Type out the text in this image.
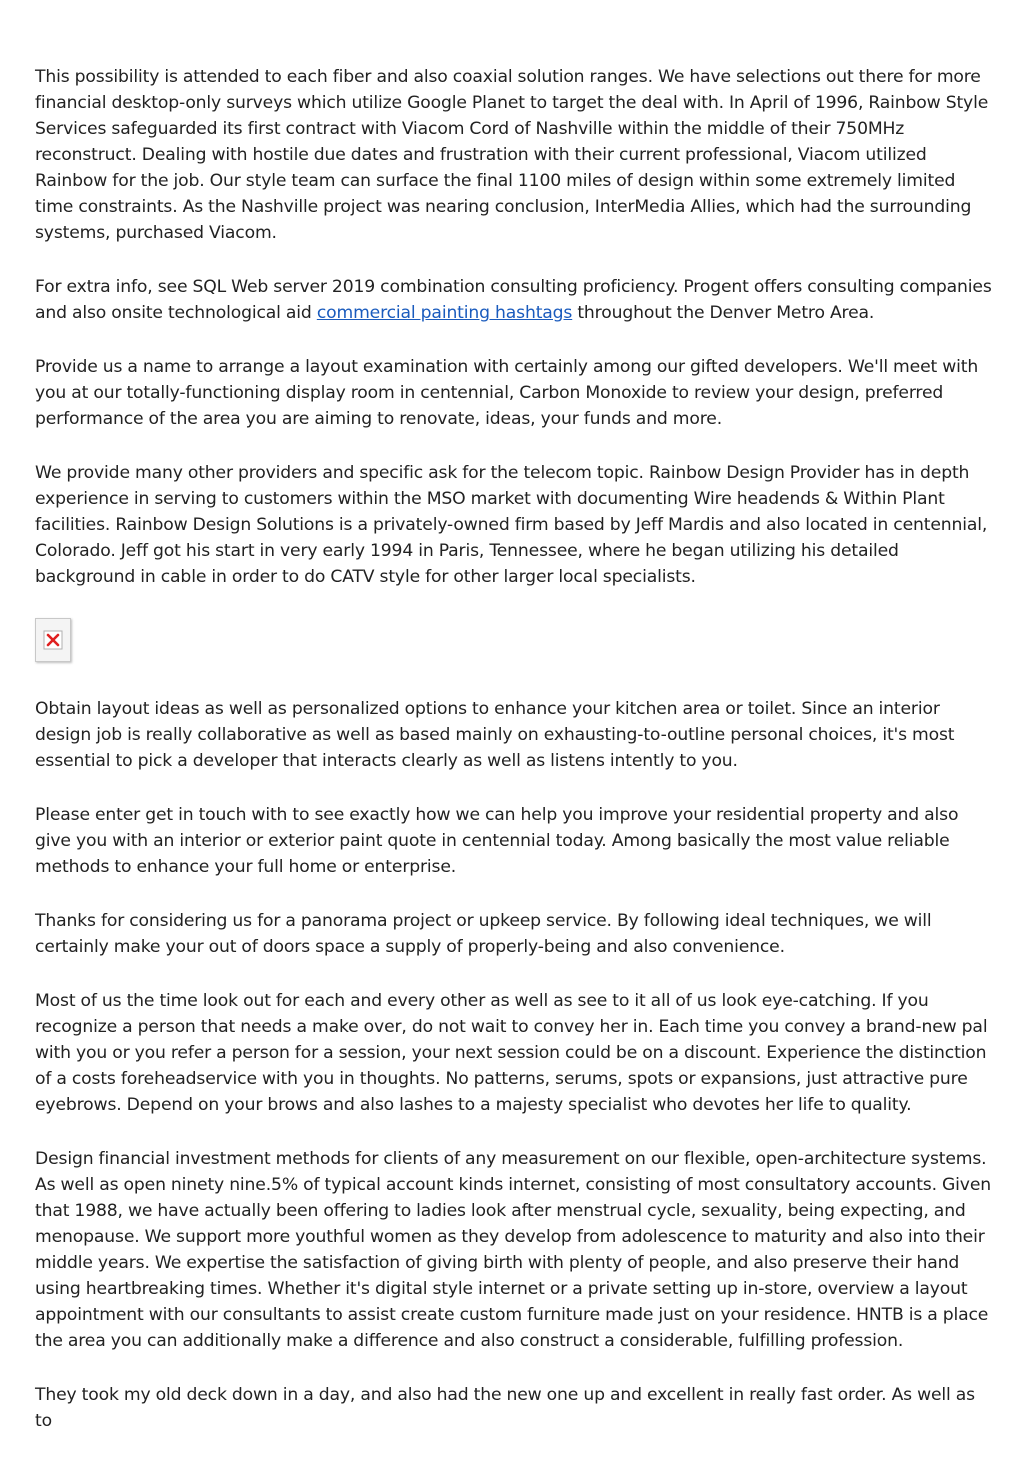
This possibility is attended to each fiber and also coaxial solution ranges. We have selections out there for more financial desktop-only surveys which utilize Google Planet to target the deal with. In April of 1996, Rainbow Style Services safeguarded its first contract with Viacom Cord of Nashville within the middle of their 750MHz reconstruct. Dealing with hostile due dates and frustration with their current professional, Viacom utilized Rainbow for the job. Our style team can surface the final 1100 miles of design within some extremely limited time constraints. As the Nashville project was nearing conclusion, InterMedia Allies, which had the surrounding systems, purchased Viacom.

For extra info, see SQL Web server 2019 combination consulting proficiency. Progent offers consulting companies and also onsite technological aid commercial painting hashtags throughout the Denver Metro Area.

Provide us a name to arrange a layout examination with certainly among our gifted developers. We'll meet with you at our totally-functioning display room in centennial, Carbon Monoxide to review your design, preferred performance of the area you are aiming to renovate, ideas, your funds and more.

We provide many other providers and specific ask for the telecom topic. Rainbow Design Provider has in depth experience in serving to customers within the MSO market with documenting Wire headends & Within Plant facilities. Rainbow Design Solutions is a privately-owned firm based by Jeff Mardis and also located in centennial, Colorado. Jeff got his start in very early 1994 in Paris, Tennessee, where he began utilizing his detailed background in cable in order to do CATV style for other larger local specialists.

Obtain layout ideas as well as personalized options to enhance your kitchen area or toilet. Since an interior design job is really collaborative as well as based mainly on exhausting-to-outline personal choices, it's most essential to pick a developer that interacts clearly as well as listens intently to you.

Please enter get in touch with to see exactly how we can help you improve your residential property and also give you with an interior or exterior paint quote in centennial today. Among basically the most value reliable methods to enhance your full home or enterprise.

Thanks for considering us for a panorama project or upkeep service. By following ideal techniques, we will certainly make your out of doors space a supply of properly-being and also convenience.

Most of us the time look out for each and every other as well as see to it all of us look eye-catching. If you recognize a person that needs a make over, do not wait to convey her in. Each time you convey a brand-new pal with you or you refer a person for a session, your next session could be on a discount. Experience the distinction of a costs foreheadservice with you in thoughts. No patterns, serums, spots or expansions, just attractive pure eyebrows. Depend on your brows and also lashes to a majesty specialist who devotes her life to quality.

Design financial investment methods for clients of any measurement on our flexible, open-architecture systems. As well as open ninety nine.5% of typical account kinds internet, consisting of most consultatory accounts. Given that 1988, we have actually been offering to ladies look after menstrual cycle, sexuality, being expecting, and menopause. We support more youthful women as they develop from adolescence to maturity and also into their middle years. We expertise the satisfaction of giving birth with plenty of people, and also preserve their hand using heartbreaking times. Whether it's digital style internet or a private setting up in-store, overview a layout appointment with our consultants to assist create custom furniture made just on your residence. HNTB is a place the area you can additionally make a difference and also construct a considerable, fulfilling profession.

They took my old deck down in a day, and also had the new one up and excellent in really fast order. As well as to
